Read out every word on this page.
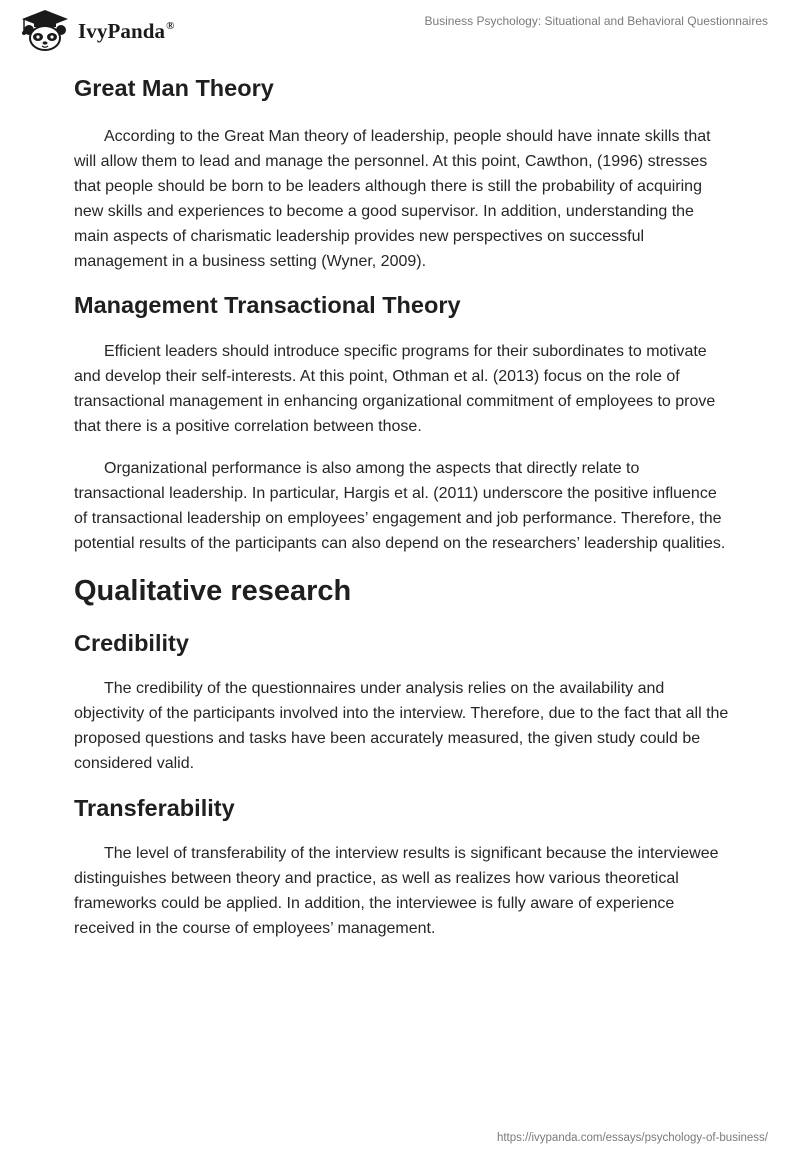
IvyPanda®	Business Psychology: Situational and Behavioral Questionnaires
Great Man Theory

According to the Great Man theory of leadership, people should have innate skills that will allow them to lead and manage the personnel. At this point, Cawthon, (1996) stresses that people should be born to be leaders although there is still the probability of acquiring new skills and experiences to become a good supervisor. In addition, understanding the main aspects of charismatic leadership provides new perspectives on successful management in a business setting (Wyner, 2009).

Management Transactional Theory

Efficient leaders should introduce specific programs for their subordinates to motivate and develop their self-interests. At this point, Othman et al. (2013) focus on the role of transactional management in enhancing organizational commitment of employees to prove that there is a positive correlation between those.

Organizational performance is also among the aspects that directly relate to transactional leadership. In particular, Hargis et al. (2011) underscore the positive influence of transactional leadership on employees’ engagement and job performance. Therefore, the potential results of the participants can also depend on the researchers’ leadership qualities.

Qualitative research
Credibility

The credibility of the questionnaires under analysis relies on the availability and objectivity of the participants involved into the interview. Therefore, due to the fact that all the proposed questions and tasks have been accurately measured, the given study could be considered valid.

Transferability

The level of transferability of the interview results is significant because the interviewee distinguishes between theory and practice, as well as realizes how various theoretical frameworks could be applied. In addition, the interviewee is fully aware of experience received in the course of employees’ management.

https://ivypanda.com/essays/psychology-of-business/
